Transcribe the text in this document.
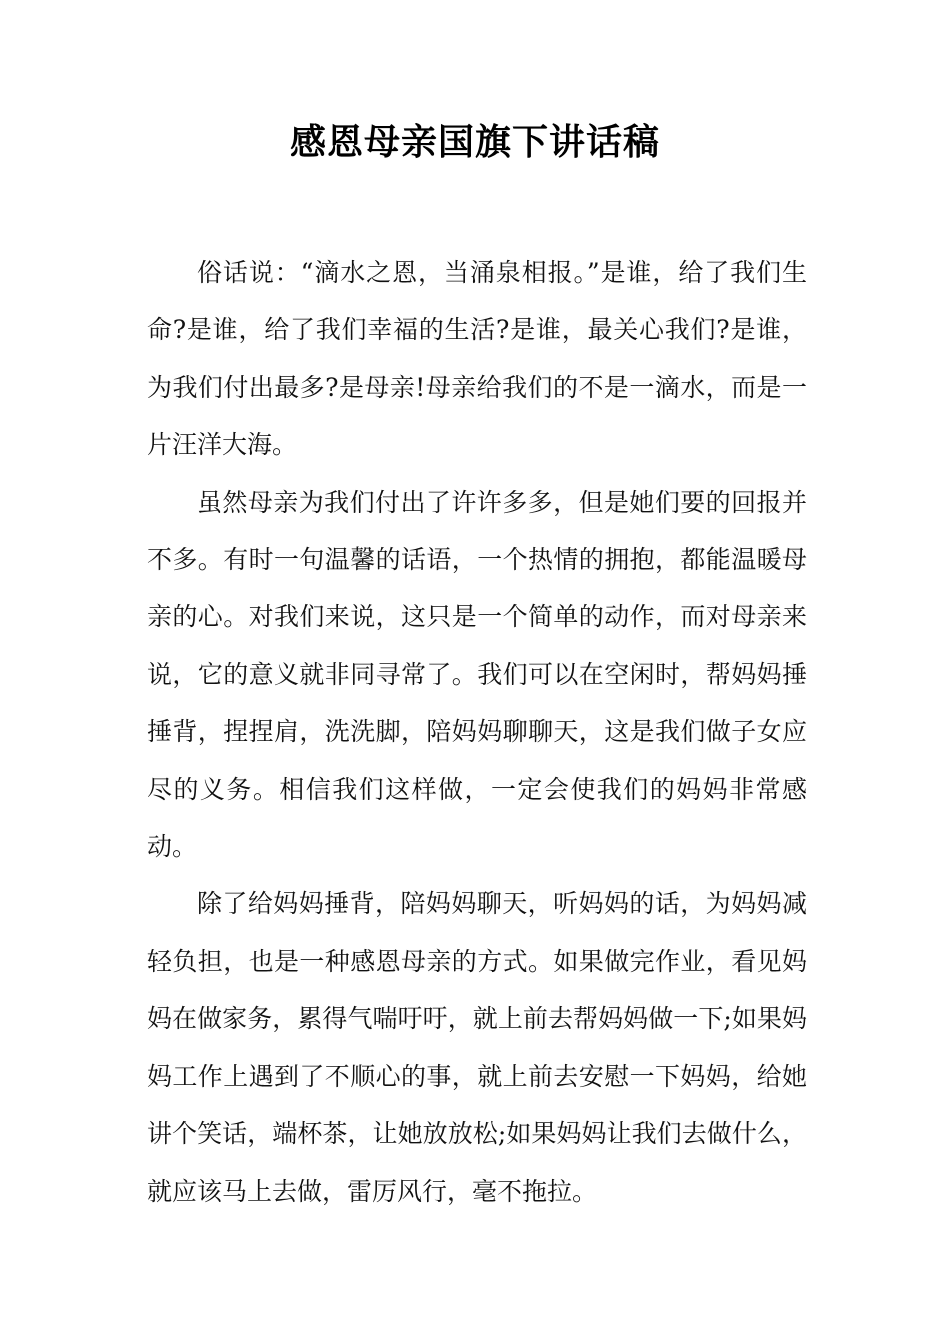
感恩母亲国旗下讲话稿

俗话说：“滴水之恩，当涌泉相报。”是谁，给了我们生命?是谁，给了我们幸福的生活?是谁，最关心我们?是谁，为我们付出最多?是母亲!母亲给我们的不是一滴水，而是一片汪洋大海。

虽然母亲为我们付出了许许多多，但是她们要的回报并不多。有时一句温馨的话语，一个热情的拥抱，都能温暖母亲的心。对我们来说，这只是一个简单的动作，而对母亲来说，它的意义就非同寻常了。我们可以在空闲时，帮妈妈捶捶背，捏捏肩，洗洗脚，陪妈妈聊聊天，这是我们做子女应尽的义务。相信我们这样做，一定会使我们的妈妈非常感动。

除了给妈妈捶背，陪妈妈聊天，听妈妈的话，为妈妈减轻负担，也是一种感恩母亲的方式。如果做完作业，看见妈妈在做家务，累得气喘吁吁，就上前去帮妈妈做一下;如果妈妈工作上遇到了不顺心的事，就上前去安慰一下妈妈，给她讲个笑话，端杯茶，让她放放松;如果妈妈让我们去做什么，就应该马上去做，雷厉风行，毫不拖拉。
